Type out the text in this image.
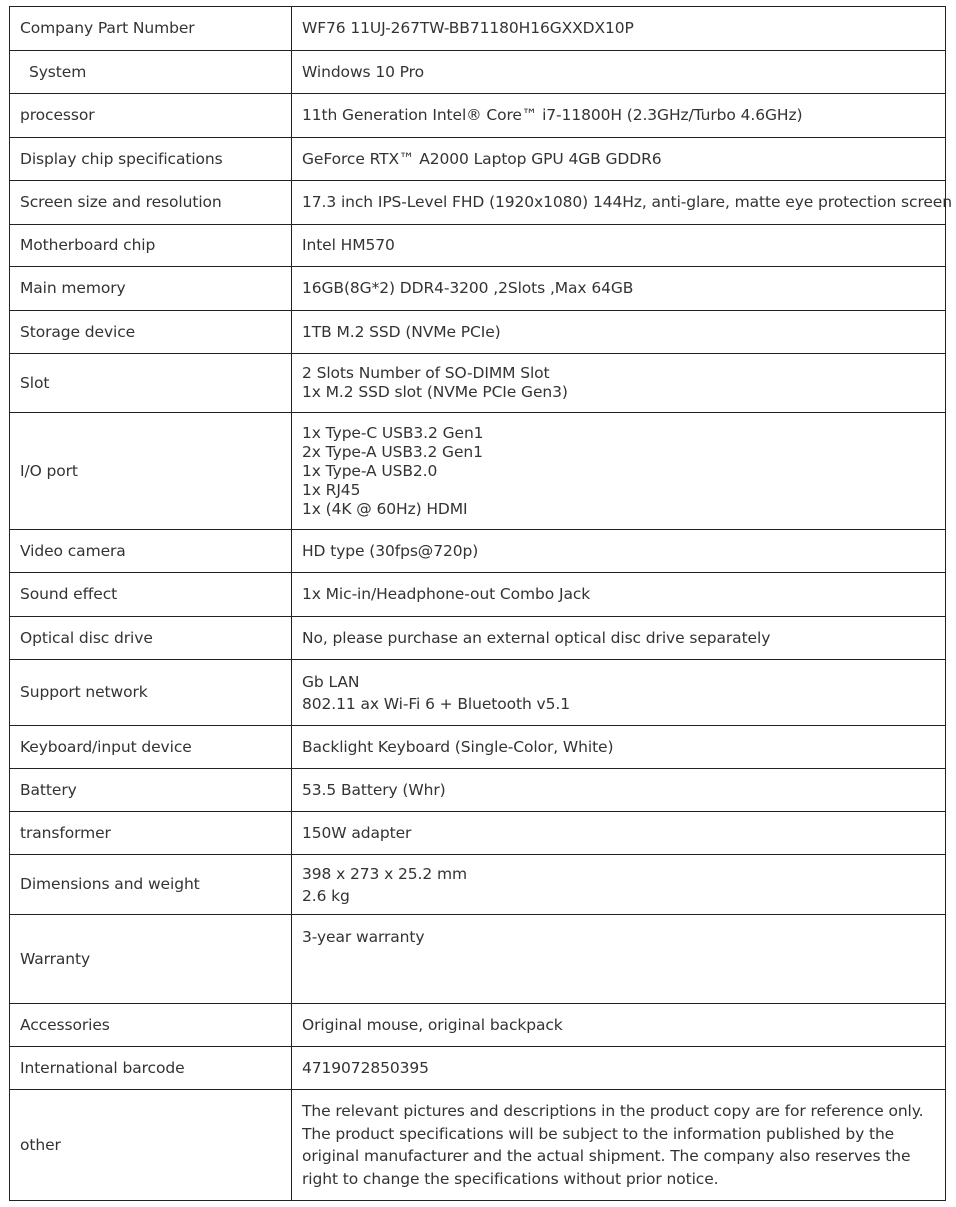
Company Part Number	WF76 11UJ-267TW-BB71180H16GXXDX10P

System	Windows 10 Pro

processor	11th Generation Intel® Core™ i7-11800H (2.3GHz/Turbo 4.6GHz)

Display chip specifications	GeForce RTX™ A2000 Laptop GPU 4GB GDDR6

Screen size and resolution	17.3 inch IPS-Level FHD (1920x1080) 144Hz, anti-glare, matte eye protection screen

Motherboard chip	Intel HM570

Main memory	16GB(8G*2) DDR4-3200 ,2Slots ,Max 64GB

Storage device	1TB M.2 SSD (NVMe PCIe)

Slot	2 Slots Number of SO-DIMM Slot
1x M.2 SSD slot (NVMe PCIe Gen3)

I/O port	1x Type-C USB3.2 Gen1
2x Type-A USB3.2 Gen1
1x Type-A USB2.0
1x RJ45
1x (4K @ 60Hz) HDMI

Video camera	HD type (30fps@720p)

Sound effect	1x Mic-in/Headphone-out Combo Jack

Optical disc drive	No, please purchase an external optical disc drive separately

Support network	Gb LAN
802.11 ax Wi-Fi 6 + Bluetooth v5.1

Keyboard/input device	Backlight Keyboard (Single-Color, White)

Battery	53.5 Battery (Whr)

transformer	150W adapter

Dimensions and weight	398 x 273 x 25.2 mm
2.6 kg

Warranty	3-year warranty

Accessories	Original mouse, original backpack

International barcode	4719072850395

other	The relevant pictures and descriptions in the product copy are for reference only. The product specifications will be subject to the information published by the original manufacturer and the actual shipment. The company also reserves the right to change the specifications without prior notice.
